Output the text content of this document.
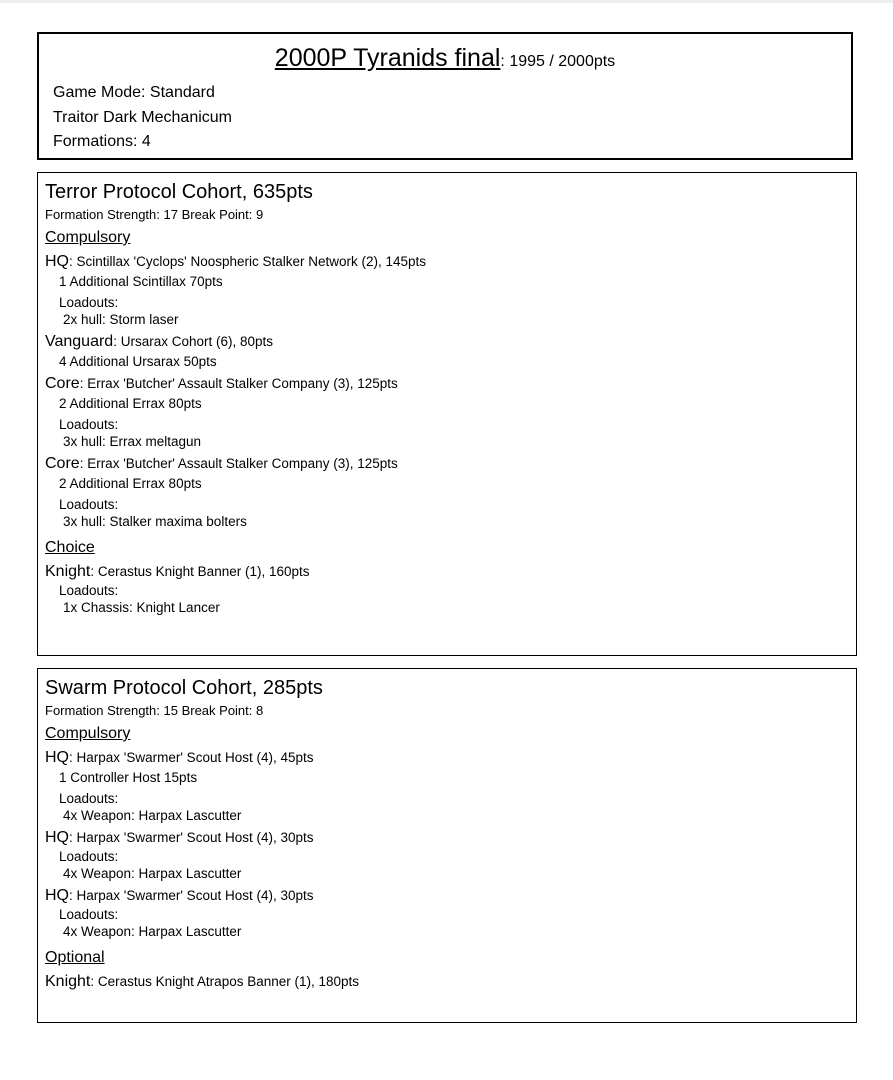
2000P Tyranids final: 1995 / 2000pts
Game Mode: Standard
Traitor Dark Mechanicum
Formations: 4
Terror Protocol Cohort, 635pts
Formation Strength: 17 Break Point: 9
Compulsory
HQ: Scintillax 'Cyclops' Noospheric Stalker Network (2), 145pts
1 Additional Scintillax 70pts
Loadouts:
2x hull: Storm laser
Vanguard: Ursarax Cohort (6), 80pts
4 Additional Ursarax 50pts
Core: Errax 'Butcher' Assault Stalker Company (3), 125pts
2 Additional Errax 80pts
Loadouts:
3x hull: Errax meltagun
Core: Errax 'Butcher' Assault Stalker Company (3), 125pts
2 Additional Errax 80pts
Loadouts:
3x hull: Stalker maxima bolters
Choice
Knight: Cerastus Knight Banner (1), 160pts
Loadouts:
1x Chassis: Knight Lancer
Swarm Protocol Cohort, 285pts
Formation Strength: 15 Break Point: 8
Compulsory
HQ: Harpax 'Swarmer' Scout Host (4), 45pts
1 Controller Host 15pts
Loadouts:
4x Weapon: Harpax Lascutter
HQ: Harpax 'Swarmer' Scout Host (4), 30pts
Loadouts:
4x Weapon: Harpax Lascutter
HQ: Harpax 'Swarmer' Scout Host (4), 30pts
Loadouts:
4x Weapon: Harpax Lascutter
Optional
Knight: Cerastus Knight Atrapos Banner (1), 180pts
